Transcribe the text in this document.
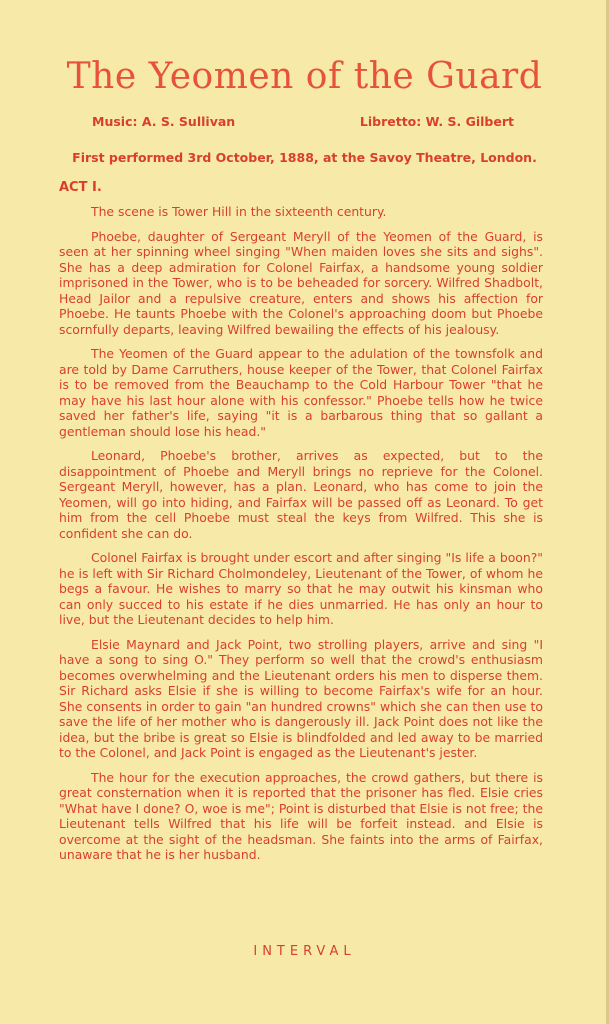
The Yeomen of the Guard
Music: A. S. Sullivan	Libretto: W. S. Gilbert
First performed 3rd October, 1888, at the Savoy Theatre, London.
ACT I.

The scene is Tower Hill in the sixteenth century.

Phoebe, daughter of Sergeant Meryll of the Yeomen of the Guard, is seen at her spinning wheel singing "When maiden loves she sits and sighs". She has a deep admiration for Colonel Fairfax, a handsome young soldier imprisoned in the Tower, who is to be beheaded for sorcery. Wilfred Shadbolt, Head Jailor and a repulsive creature, enters and shows his affection for Phoebe. He taunts Phoebe with the Colonel's approaching doom but Phoebe scornfully departs, leaving Wilfred bewailing the effects of his jealousy.

The Yeomen of the Guard appear to the adulation of the townsfolk and are told by Dame Carruthers, house keeper of the Tower, that Colonel Fairfax is to be removed from the Beauchamp to the Cold Harbour Tower "that he may have his last hour alone with his confessor." Phoebe tells how he twice saved her father's life, saying "it is a barbarous thing that so gallant a gentleman should lose his head."

Leonard, Phoebe's brother, arrives as expected, but to the disappointment of Phoebe and Meryll brings no reprieve for the Colonel. Sergeant Meryll, however, has a plan. Leonard, who has come to join the Yeomen, will go into hiding, and Fairfax will be passed off as Leonard. To get him from the cell Phoebe must steal the keys from Wilfred. This she is confident she can do.

Colonel Fairfax is brought under escort and after singing "Is life a boon?" he is left with Sir Richard Cholmondeley, Lieutenant of the Tower, of whom he begs a favour. He wishes to marry so that he may outwit his kinsman who can only succed to his estate if he dies unmarried. He has only an hour to live, but the Lieutenant decides to help him.

Elsie Maynard and Jack Point, two strolling players, arrive and sing "I have a song to sing O." They perform so well that the crowd's enthusiasm becomes overwhelming and the Lieutenant orders his men to disperse them. Sir Richard asks Elsie if she is willing to become Fairfax's wife for an hour. She consents in order to gain "an hundred crowns" which she can then use to save the life of her mother who is dangerously ill. Jack Point does not like the idea, but the bribe is great so Elsie is blindfolded and led away to be married to the Colonel, and Jack Point is engaged as the Lieutenant's jester.

The hour for the execution approaches, the crowd gathers, but there is great consternation when it is reported that the prisoner has fled. Elsie cries "What have I done? O, woe is me"; Point is disturbed that Elsie is not free; the Lieutenant tells Wilfred that his life will be forfeit instead. and Elsie is overcome at the sight of the headsman. She faints into the arms of Fairfax, unaware that he is her husband.

INTERVAL
